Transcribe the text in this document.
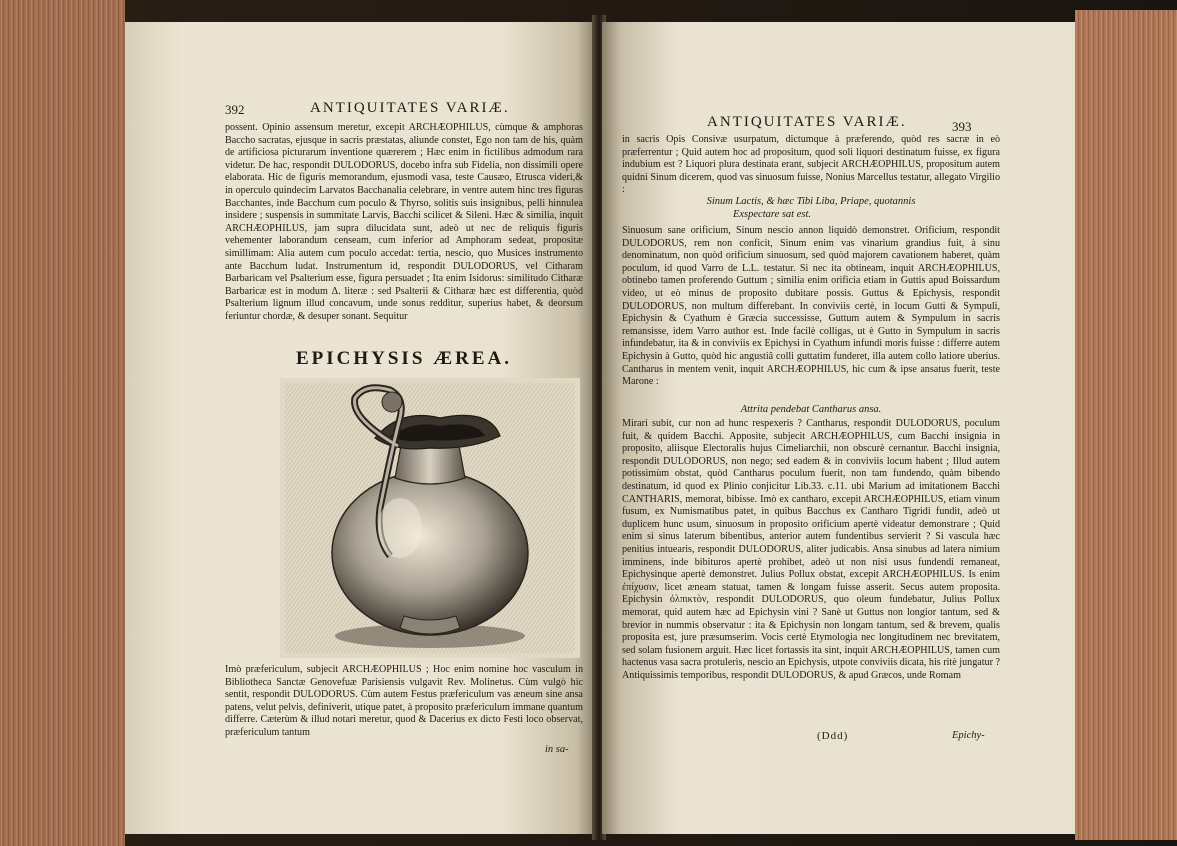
392	ANTIQUITATES VARIÆ.

possent. Opinio assensum meretur, excepit ARCHÆOPHILUS, cùmque & amphoras Baccho sacratas, ejusque in sacris præstatas, aliunde constet, Ego non tam de his, quàm de artificiosa picturarum inventione quærerem ; Hæc enim in fictilibus admodum rara videtur. De hac, respondit DULODORUS, docebo infra sub Fidelia, non dissimili opere elaborata. Hic de figuris memorandum, ejusmodi vasa, teste Causæo, Etrusca videri,& in operculo quindecim Larvatos Bacchanalia celebrare, in ventre autem hinc tres figuras Bacchantes, inde Bacchum cum poculo & Thyrso, solitis suis insignibus, pelli hinnulea insidere ; suspensis in summitate Larvis, Bacchi scilicet & Sileni. Hæc & similia, inquit ARCHÆOPHILUS, jam supra dilucidata sunt, adeò ut nec de reliquis figuris vehementer laborandum censeam, cum inferior ad Amphoram sedeat, propositæ simillimam: Alia autem cum poculo accedat: tertia, nescio, quo Musices instrumento ante Bacchum ludat. Instrumentum id, respondit DULODORUS, vel Citharam Barbaricam vel Psalterium esse, figura persuadet ; Ita enim Isidorus: similitudo Citharæ Barbaricæ est in modum Δ. literæ : sed Psalterii & Citharæ hæc est differentia, quòd Psalterium lignum illud concavum, unde sonus redditur, superius habet, & deorsum feriuntur chordæ, & desuper sonant. Sequitur

EPICHYSIS ÆREA.

Imò præfericulum, subjecit ARCHÆOPHILUS ; Hoc enim nomine hoc vasculum in Bibliotheca Sanctæ Genovefuæ Parisiensis vulgavit Rev. Molinetus. Cùm vulgò hic sentit, respondit DULODORUS. Cùm autem Festus præfericulum vas æneum sine ansa patens, velut pelvis, definiverit, utique patet, à proposito præfericulum immane quantum differre. Cæterùm & illud notari meretur, quod & Dacerius ex dicto Festi loco observat, præfericulum tantum

in sa-
ANTIQUITATES VARIÆ.	393

in sacris Opis Consivæ usurpatum, dictumque à præferendo, quòd res sacræ in eò præferrentur ; Quid autem hoc ad propositum, quod soli liquori destinatum fuisse, ex figura indubium est ? Liquori plura destinata erant, subjecit ARCHÆOPHILUS, propositum autem quidni Sinum dicerem, quod vas sinuosum fuisse, Nonius Marcellus testatur, allegato Virgilio :

Sinum Lactis, & hæc Tibi Liba, Priape, quotannis
Exspectare sat est.

Sinuosum sane orificium, Sinum nescio annon liquidò demonstret. Orificium, respondit DULODORUS, rem non conficit, Sinum enim vas vinarium grandius fuit, à sinu denominatum, non quòd orificium sinuosum, sed quòd majorem cavationem haberet, quàm poculum, id quod Varro de L.L. testatur. Si nec ita obtineam, inquit ARCHÆOPHILUS, obtinebo tamen proferendo Guttum ; similia enim orificia etiam in Guttis apud Boissardum video, ut eò minus de proposito dubitare possis. Guttus & Epichysis, respondit DULODORUS, non multum differebant. In conviviis certè, in locum Gutti & Sympuli, Epichysin & Cyathum è Græcia successisse, Guttum autem & Sympulum in sacris remansisse, idem Varro author est. Inde facilè colligas, ut è Gutto in Sympulum in sacris infundebatur, ita & in conviviis ex Epichysi in Cyathum infundi moris fuisse : differre autem Epichysin à Gutto, quòd hic angustiâ colli guttatim funderet, illa autem collo latiore uberius. Cantharus in mentem venit, inquit ARCHÆOPHILUS, hic cum & ipse ansatus fuerit, teste Marone :

Attrita pendebat Cantharus ansa.

Mirari subit, cur non ad hunc respexeris ? Cantharus, respondit DULODORUS, poculum fuit, & quidem Bacchi. Apposite, subjecit ARCHÆOPHILUS, cum Bacchi insignia in proposito, aliisque Electoralis hujus Cimeliarchii, non obscurè cernantur. Bacchi insignia, respondit DULODORUS, non nego; sed eadem & in conviviis locum habent ; Illud autem potissimùm obstat, quòd Cantharus poculum fuerit, non tam fundendo, quàm bibendo destinatum, id quod ex Plinio conjicitur Lib.33. c.11. ubi Marium ad imitationem Bacchi CANTHARIS, memorat, bibisse. Imò ex cantharo, excepit ARCHÆOPHILUS, etiam vinum fusum, ex Numismatibus patet, in quibus Bacchus ex Cantharo Tigridi fundit, adeò ut duplicem hunc usum, sinuosum in proposito orificium apertè videatur demonstrare ; Quid enim si sinus laterum bibentibus, anterior autem fundentibus servierit ? Si vascula hæc penitius intuearis, respondit DULODORUS, aliter judicabis. Ansa sinubus ad latera nimium imminens, inde bibituros apertè prohibet, adeò ut non nisi usus fundendi remaneat, Epichysinque apertè demonstret. Julius Pollux obstat, excepit ARCHÆOPHILUS. Is enim ἐπίχυσιν, licet æneam statuat, tamen & longam fuisse asserit. Secus autem proposita. Epichysin ὀλπικτὸν, respondit DULODORUS, quo oleum fundebatur, Julius Pollux memorat, quid autem hæc ad Epichysin vini ? Sanè ut Guttus non longior tantum, sed & brevior in nummis observatur : ita & Epichysin non longam tantum, sed & brevem, qualis proposita est, jure præsumserim. Vocis certè Etymologia nec longitudinem nec brevitatem, sed solam fusionem arguit. Hæc licet fortassis ita sint, inquit ARCHÆOPHILUS, tamen cum hactenus vasa sacra protuleris, nescio an Epichysis, utpote conviviis dicata, his ritè jungatur ? Antiquissimis temporibus, respondit DULODORUS, & apud Græcos, unde Romam

(Ddd)	Epichy-
